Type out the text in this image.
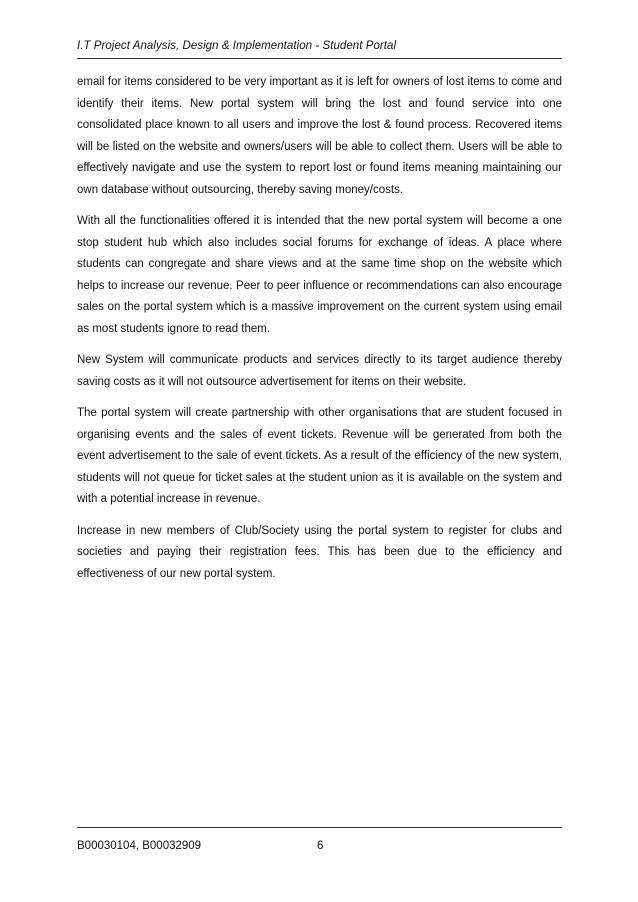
I.T Project Analysis, Design & Implementation - Student Portal

email for items considered to be very important as it is left for owners of lost items to come and identify their items. New portal system will bring the lost and found service into one consolidated place known to all users and improve the lost & found process. Recovered items will be listed on the website and owners/users will be able to collect them. Users will be able to effectively navigate and use the system to report lost or found items meaning maintaining our own database without outsourcing, thereby saving money/costs.

With all the functionalities offered it is intended that the new portal system will become a one stop student hub which also includes social forums for exchange of ideas. A place where students can congregate and share views and at the same time shop on the website which helps to increase our revenue. Peer to peer influence or recommendations can also encourage sales on the portal system which is a massive improvement on the current system using email as most students ignore to read them.

New System will communicate products and services directly to its target audience thereby saving costs as it will not outsource advertisement for items on their website.

The portal system will create partnership with other organisations that are student focused in organising events and the sales of event tickets. Revenue will be generated from both the event advertisement to the sale of event tickets. As a result of the efficiency of the new system, students will not queue for ticket sales at the student union as it is available on the system and with a potential increase in revenue.

Increase in new members of Club/Society using the portal system to register for clubs and societies and paying their registration fees. This has been due to the efficiency and effectiveness of our new portal system.

B00030104, B00032909	6
